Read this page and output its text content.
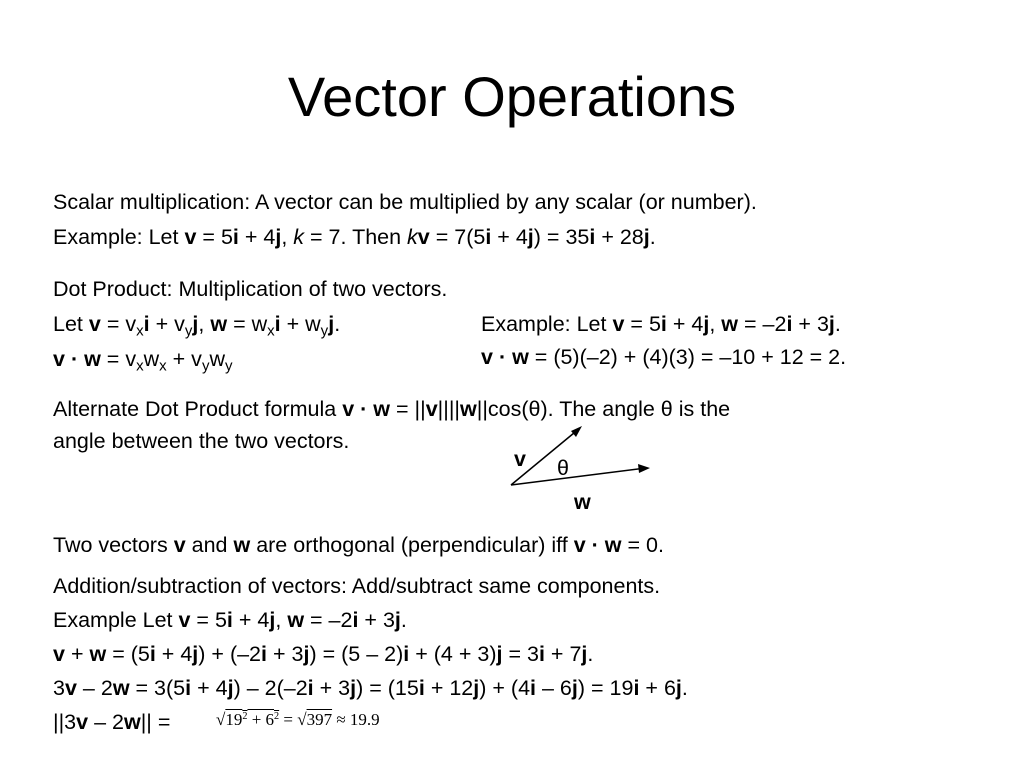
Vector Operations
Scalar multiplication: A vector can be multiplied by any scalar (or number).
Example: Let v = 5i + 4j, k = 7. Then kv = 7(5i + 4j) = 35i + 28j.
Dot Product: Multiplication of two vectors.
Let $v = v_xi + v_yj$, $w = w_xi + w_yj$.
$v \cdot w = v_xw_x + v_yw_y$
Example: Let v = 5i + 4j, w = –2i + 3j.
v · w = (5)(–2) + (4)(3) = –10 + 12 = 2.
Alternate Dot Product formula v · w = ||v||||w||cos(θ). The angle θ is the
angle between the two vectors.
v θ
w
Two vectors v and w are orthogonal (perpendicular) iff v · w = 0.
Addition/subtraction of vectors: Add/subtract same components.
Example Let v = 5i + 4j, w = –2i + 3j.
v + w = (5i + 4j) + (–2i + 3j) = (5 – 2)i + (4 + 3)j = 3i + 7j.
3v – 2w = 3(5i + 4j) – 2(–2i + 3j) = (15i + 12j) + (4i – 6j) = 19i + 6j.
||3v – 2w|| =	$√19^2 + 6^2 = √397 \approx 19.9$
